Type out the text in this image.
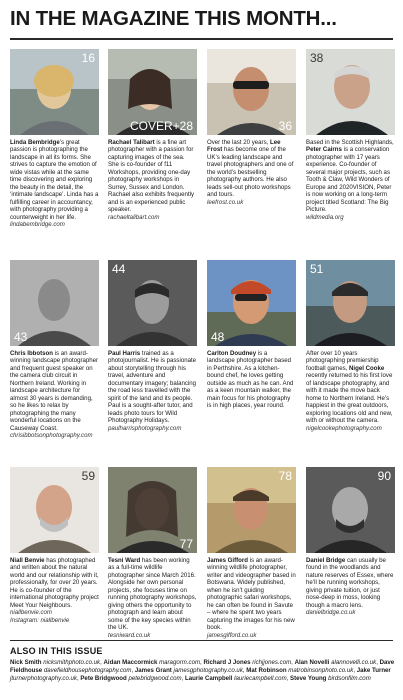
IN THE MAGAZINE THIS MONTH...
16
Linda Bembridge’s great passion is photographing the landscape in all its forms. She strives to capture the emotion of wide vistas while at the same time discovering and exploring the beauty in the detail, the ‘intimate landscape’. Linda has a fulfilling career in accountancy, with photography providing a counterweight in her life.
lindabembridge.com
COVER+28
Rachael Talibart is a fine art photographer with a passion for capturing images of the sea. She is co-founder of f11 Workshops, providing one-day photography workshops in Surrey, Sussex and London. Rachael also exhibits frequently and is an experienced public speaker.
rachaeltalibart.com
36
Over the last 20 years, Lee Frost has become one of the UK’s leading landscape and travel photographers and one of the world’s bestselling photography authors. He also leads sell-out photo workshops and tours.
leefrost.co.uk
38
Based in the Scottish Highlands, Peter Cairns is a conservation photographer with 17 years experience. Co-founder of several major projects, such as Tooth & Claw, Wild Wonders of Europe and 2020VISION, Peter is now working on a long-term project titled Scotland: The Big Picture.
wildmedia.org
43
Chris Ibbotson is an award-winning landscape photographer and frequent guest speaker on the camera club circuit in Northern Ireland. Working in landscape architecture for almost 30 years is demanding, so he likes to relax by photographing the many wonderful locations on the Causeway Coast.
chrisibbotsonphotography.com
44
Paul Harris trained as a photojournalist. He is passionate about storytelling through his travel, adventure and documentary imagery; balancing the road less travelled with the spirit of the land and its people. Paul is a sought-after tutor, and leads photo tours for Wild Photography Holidays.
paulharrisphotography.com
48
Carlton Doudney is a landscape photographer based in Perthshire. As a kitchen-bound chef, he loves getting outside as much as he can. And as a keen mountain walker, the main focus for his photography is in high places, year round.
51
After over 10 years photographing premiership football games, Nigel Cooke recently returned to his first love of landscape photography, and with it made the move back home to Northern Ireland. He’s happiest in the great outdoors, exploring locations old and new, with or without the camera.
nigelcookephotography.com
59
Niall Benvie has photographed and written about the natural world and our relationship with it, professionally, for over 20 years. He is co-founder of the international photography project Meet Your Neighbours.
niallbenvie.com
Instagram: niallbenvie
77
Tesni Ward has been working as a full-time wildlife photographer since March 2016. Alongside her own personal projects, she focuses time on running photography workshops, giving others the opportunity to photograph and learn about some of the key species within the UK.
tesniward.co.uk
78
James Gifford is an award-winning wildlife photographer, writer and videographer based in Botswana. Widely published, when he isn’t guiding photographic safari workshops, he can often be found in Savute – where he spent two years capturing the images for his new book.
jamesgifford.co.uk
90
Daniel Bridge can usually be found in the woodlands and nature reserves of Essex, where he’ll be running workshops, giving private tuition, or just nose-deep in moss, looking though a macro lens.
danielbridge.co.uk
ALSO IN THIS ISSUE
Nick Smith nicksmithphoto.co.uk, Aidan Maccormick maragorm.com, Richard J Jones richjjones.com, Alan Novelli alannovelli.co.uk, Dave Fieldhouse davefieldhousephotography.com, James Grant jamesgphotography.co.uk, Mat Robinson matrobinsonphoto.co.uk, Jake Turner jturnerphotography.co.uk, Pete Bridgwood petebridgwood.com, Laurie Campbell lauriecampbell.com, Steve Young birdsonfilm.com
